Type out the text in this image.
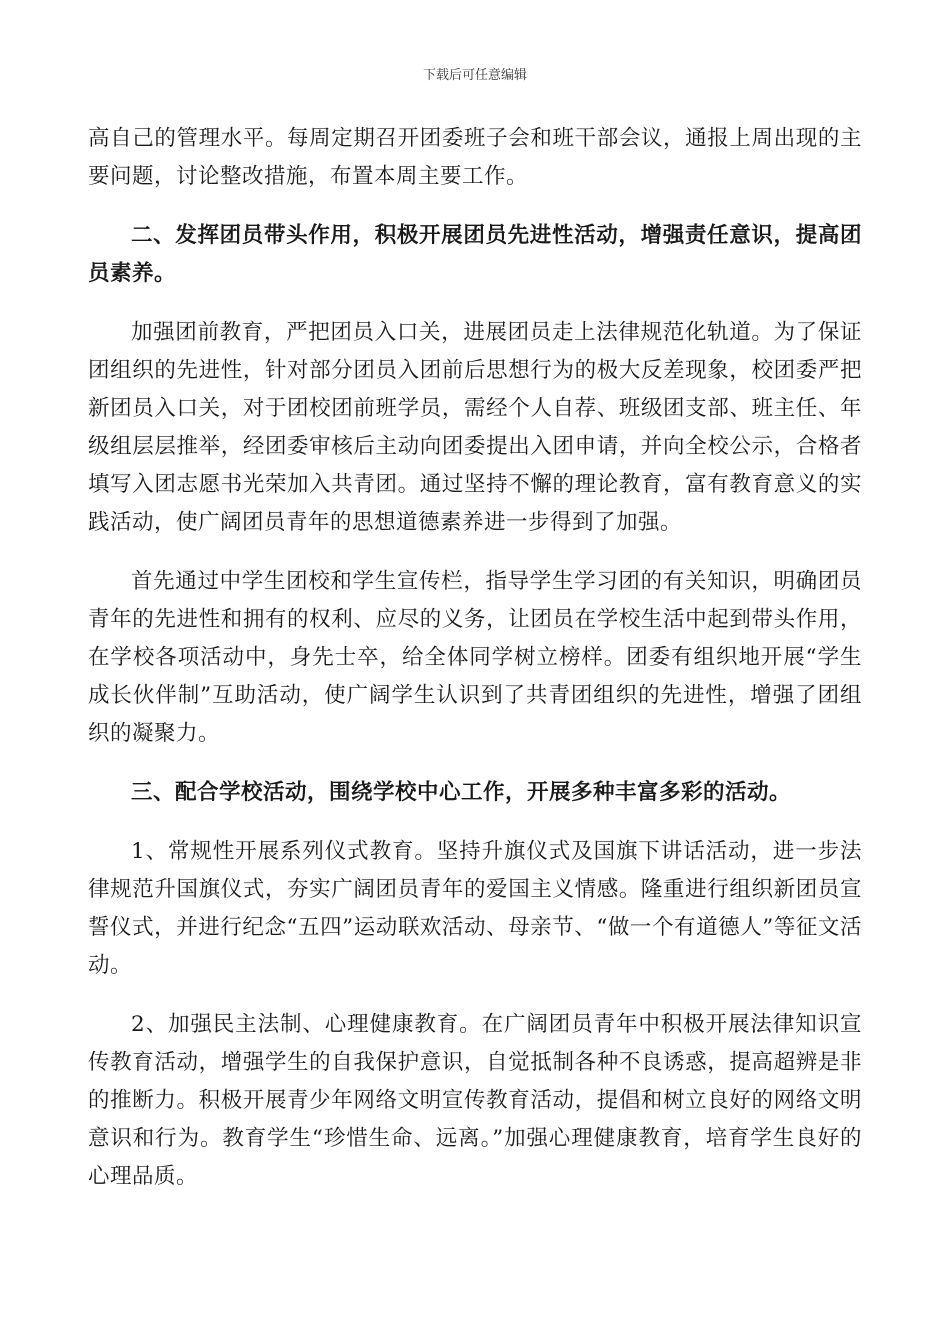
下载后可任意编辑

高自己的管理水平。每周定期召开团委班子会和班干部会议，通报上周出现的主要问题，讨论整改措施，布置本周主要工作。

二、发挥团员带头作用，积极开展团员先进性活动，增强责任意识，提高团员素养。

加强团前教育，严把团员入口关，进展团员走上法律规范化轨道。为了保证团组织的先进性，针对部分团员入团前后思想行为的极大反差现象，校团委严把新团员入口关，对于团校团前班学员，需经个人自荐、班级团支部、班主任、年级组层层推举，经团委审核后主动向团委提出入团申请，并向全校公示，合格者填写入团志愿书光荣加入共青团。通过坚持不懈的理论教育，富有教育意义的实践活动，使广阔团员青年的思想道德素养进一步得到了加强。

首先通过中学生团校和学生宣传栏，指导学生学习团的有关知识，明确团员青年的先进性和拥有的权利、应尽的义务，让团员在学校生活中起到带头作用，在学校各项活动中，身先士卒，给全体同学树立榜样。团委有组织地开展“学生成长伙伴制”互助活动，使广阔学生认识到了共青团组织的先进性，增强了团组织的凝聚力。

三、配合学校活动，围绕学校中心工作，开展多种丰富多彩的活动。

1、常规性开展系列仪式教育。坚持升旗仪式及国旗下讲话活动，进一步法律规范升国旗仪式，夯实广阔团员青年的爱国主义情感。隆重进行组织新团员宣誓仪式，并进行纪念“五四”运动联欢活动、母亲节、“做一个有道德人”等征文活动。

2、加强民主法制、心理健康教育。在广阔团员青年中积极开展法律知识宣传教育活动，增强学生的自我保护意识，自觉抵制各种不良诱惑，提高超辨是非的推断力。积极开展青少年网络文明宣传教育活动，提倡和树立良好的网络文明意识和行为。教育学生“珍惜生命、远离。”加强心理健康教育，培育学生良好的心理品质。
